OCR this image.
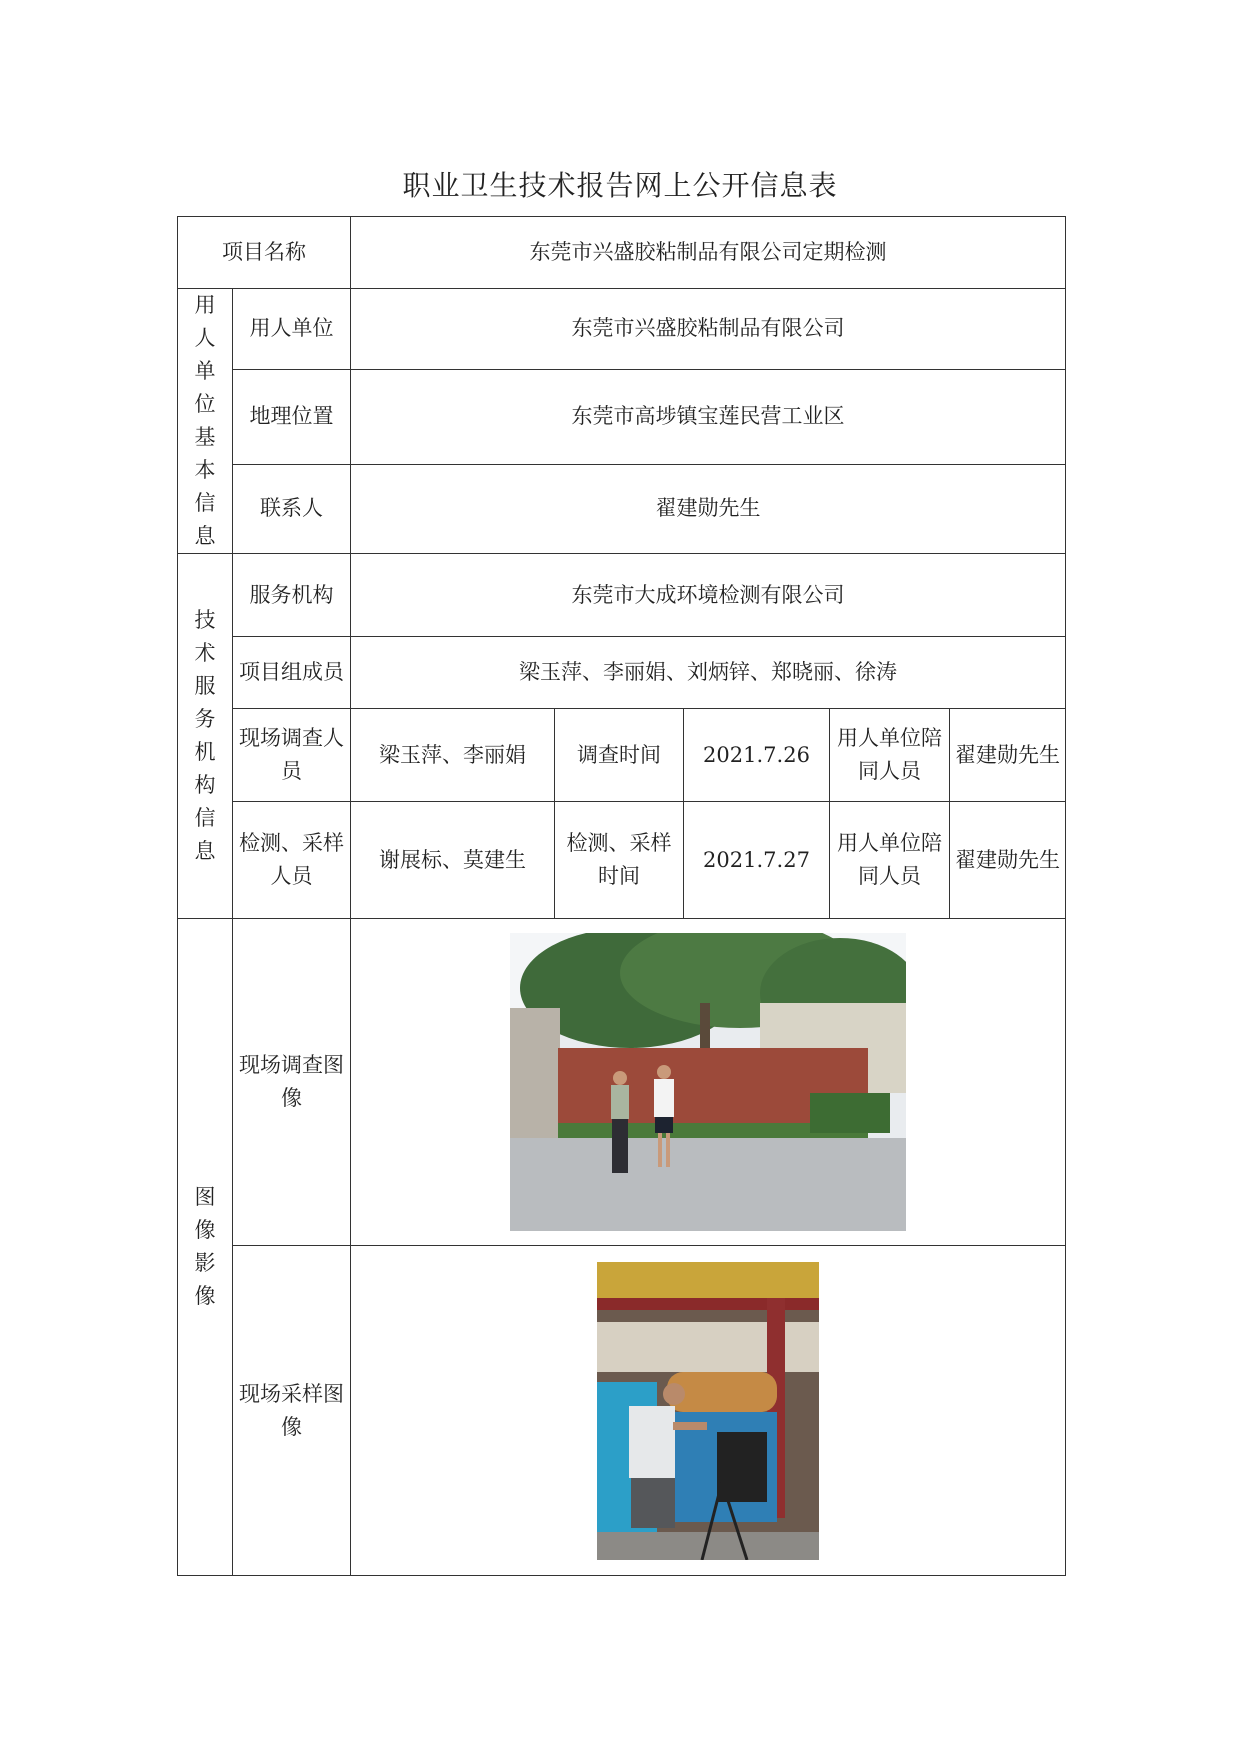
职业卫生技术报告网上公开信息表
项目名称		东莞市兴盛胶粘制品有限公司定期检测				
用人单位基本信息	用人单位	东莞市兴盛胶粘制品有限公司				
	地理位置	东莞市高埗镇宝莲民营工业区				
	联系人	翟建勋先生				
技术服务机构信息	服务机构	东莞市大成环境检测有限公司				
	项目组成员	梁玉萍、李丽娟、刘炳锌、郑晓丽、徐涛				
	现场调查人员	梁玉萍、李丽娟	调查时间	2021.7.26	用人单位陪同人员	翟建勋先生
	检测、采样人员	谢展标、莫建生	检测、采样时间	2021.7.27	用人单位陪同人员	翟建勋先生
图像影像	现场调查图像	

	现场采样图像	
